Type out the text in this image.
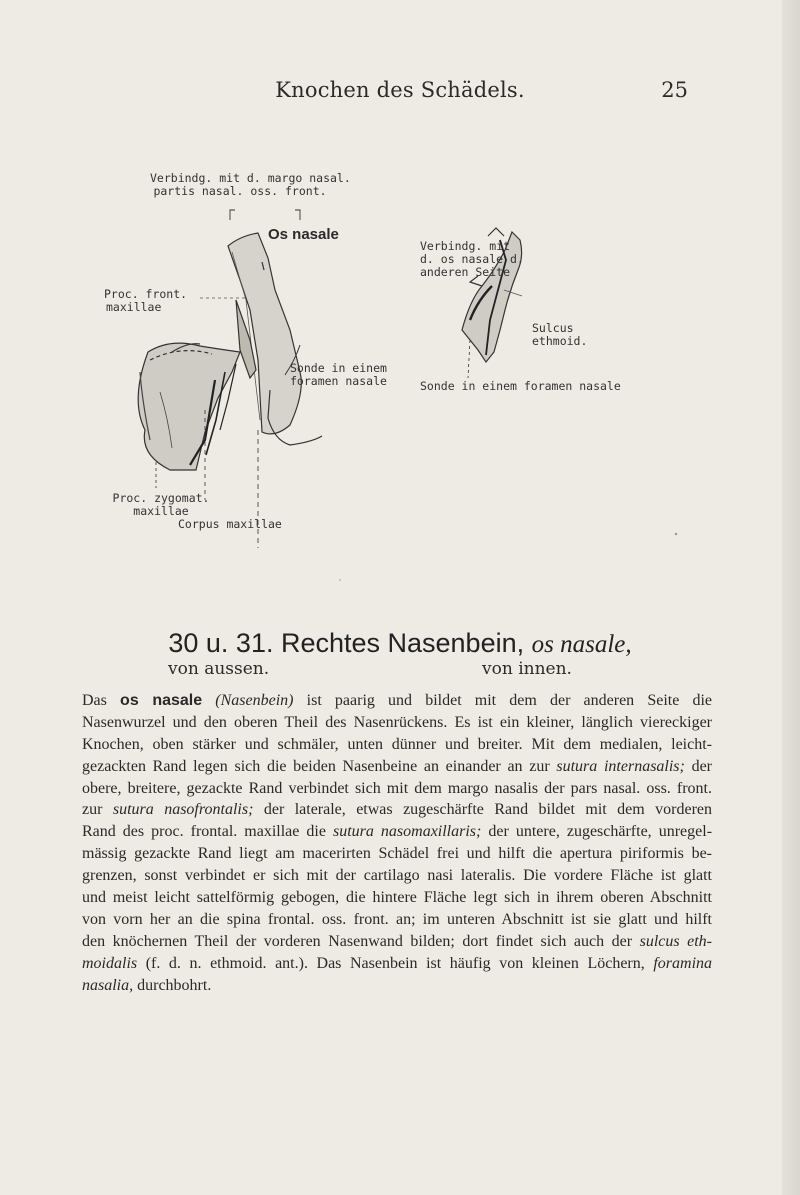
Knochen des Schädels.	25
Verbindg. mit d. margo nasal.
partis nasal. oss. front.
Os nasale
Proc. front.
maxillae
Sonde in einem
foramen nasale
Proc. zygomat.
maxillae
Corpus maxillae
Verbindg. mit
d. os nasale d.
anderen Seite
Sulcus
ethmoid.
Sonde in einem foramen nasale
30 u. 31. Rechtes Nasenbein, os nasale,
von aussen.	von innen.
Das os nasale (Nasenbein) ist paarig und bildet mit dem der anderen Seite die
Nasenwurzel und den oberen Theil des Nasenrückens. Es ist ein kleiner, länglich viereckiger
Knochen, oben stärker und schmäler, unten dünner und breiter. Mit dem medialen, leicht-
gezackten Rand legen sich die beiden Nasenbeine an einander an zur sutura internasalis; der
obere, breitere, gezackte Rand verbindet sich mit dem margo nasalis der pars nasal. oss. front.
zur sutura nasofrontalis; der laterale, etwas zugeschärfte Rand bildet mit dem vorderen
Rand des proc. frontal. maxillae die sutura nasomaxillaris; der untere, zugeschärfte, unregel-
mässig gezackte Rand liegt am macerirten Schädel frei und hilft die apertura piriformis be-
grenzen, sonst verbindet er sich mit der cartilago nasi lateralis. Die vordere Fläche ist glatt
und meist leicht sattelförmig gebogen, die hintere Fläche legt sich in ihrem oberen Abschnitt
von vorn her an die spina frontal. oss. front. an; im unteren Abschnitt ist sie glatt und hilft
den knöchernen Theil der vorderen Nasenwand bilden; dort findet sich auch der sulcus eth-
moidalis (f. d. n. ethmoid. ant.). Das Nasenbein ist häufig von kleinen Löchern, foramina
nasalia, durchbohrt.
